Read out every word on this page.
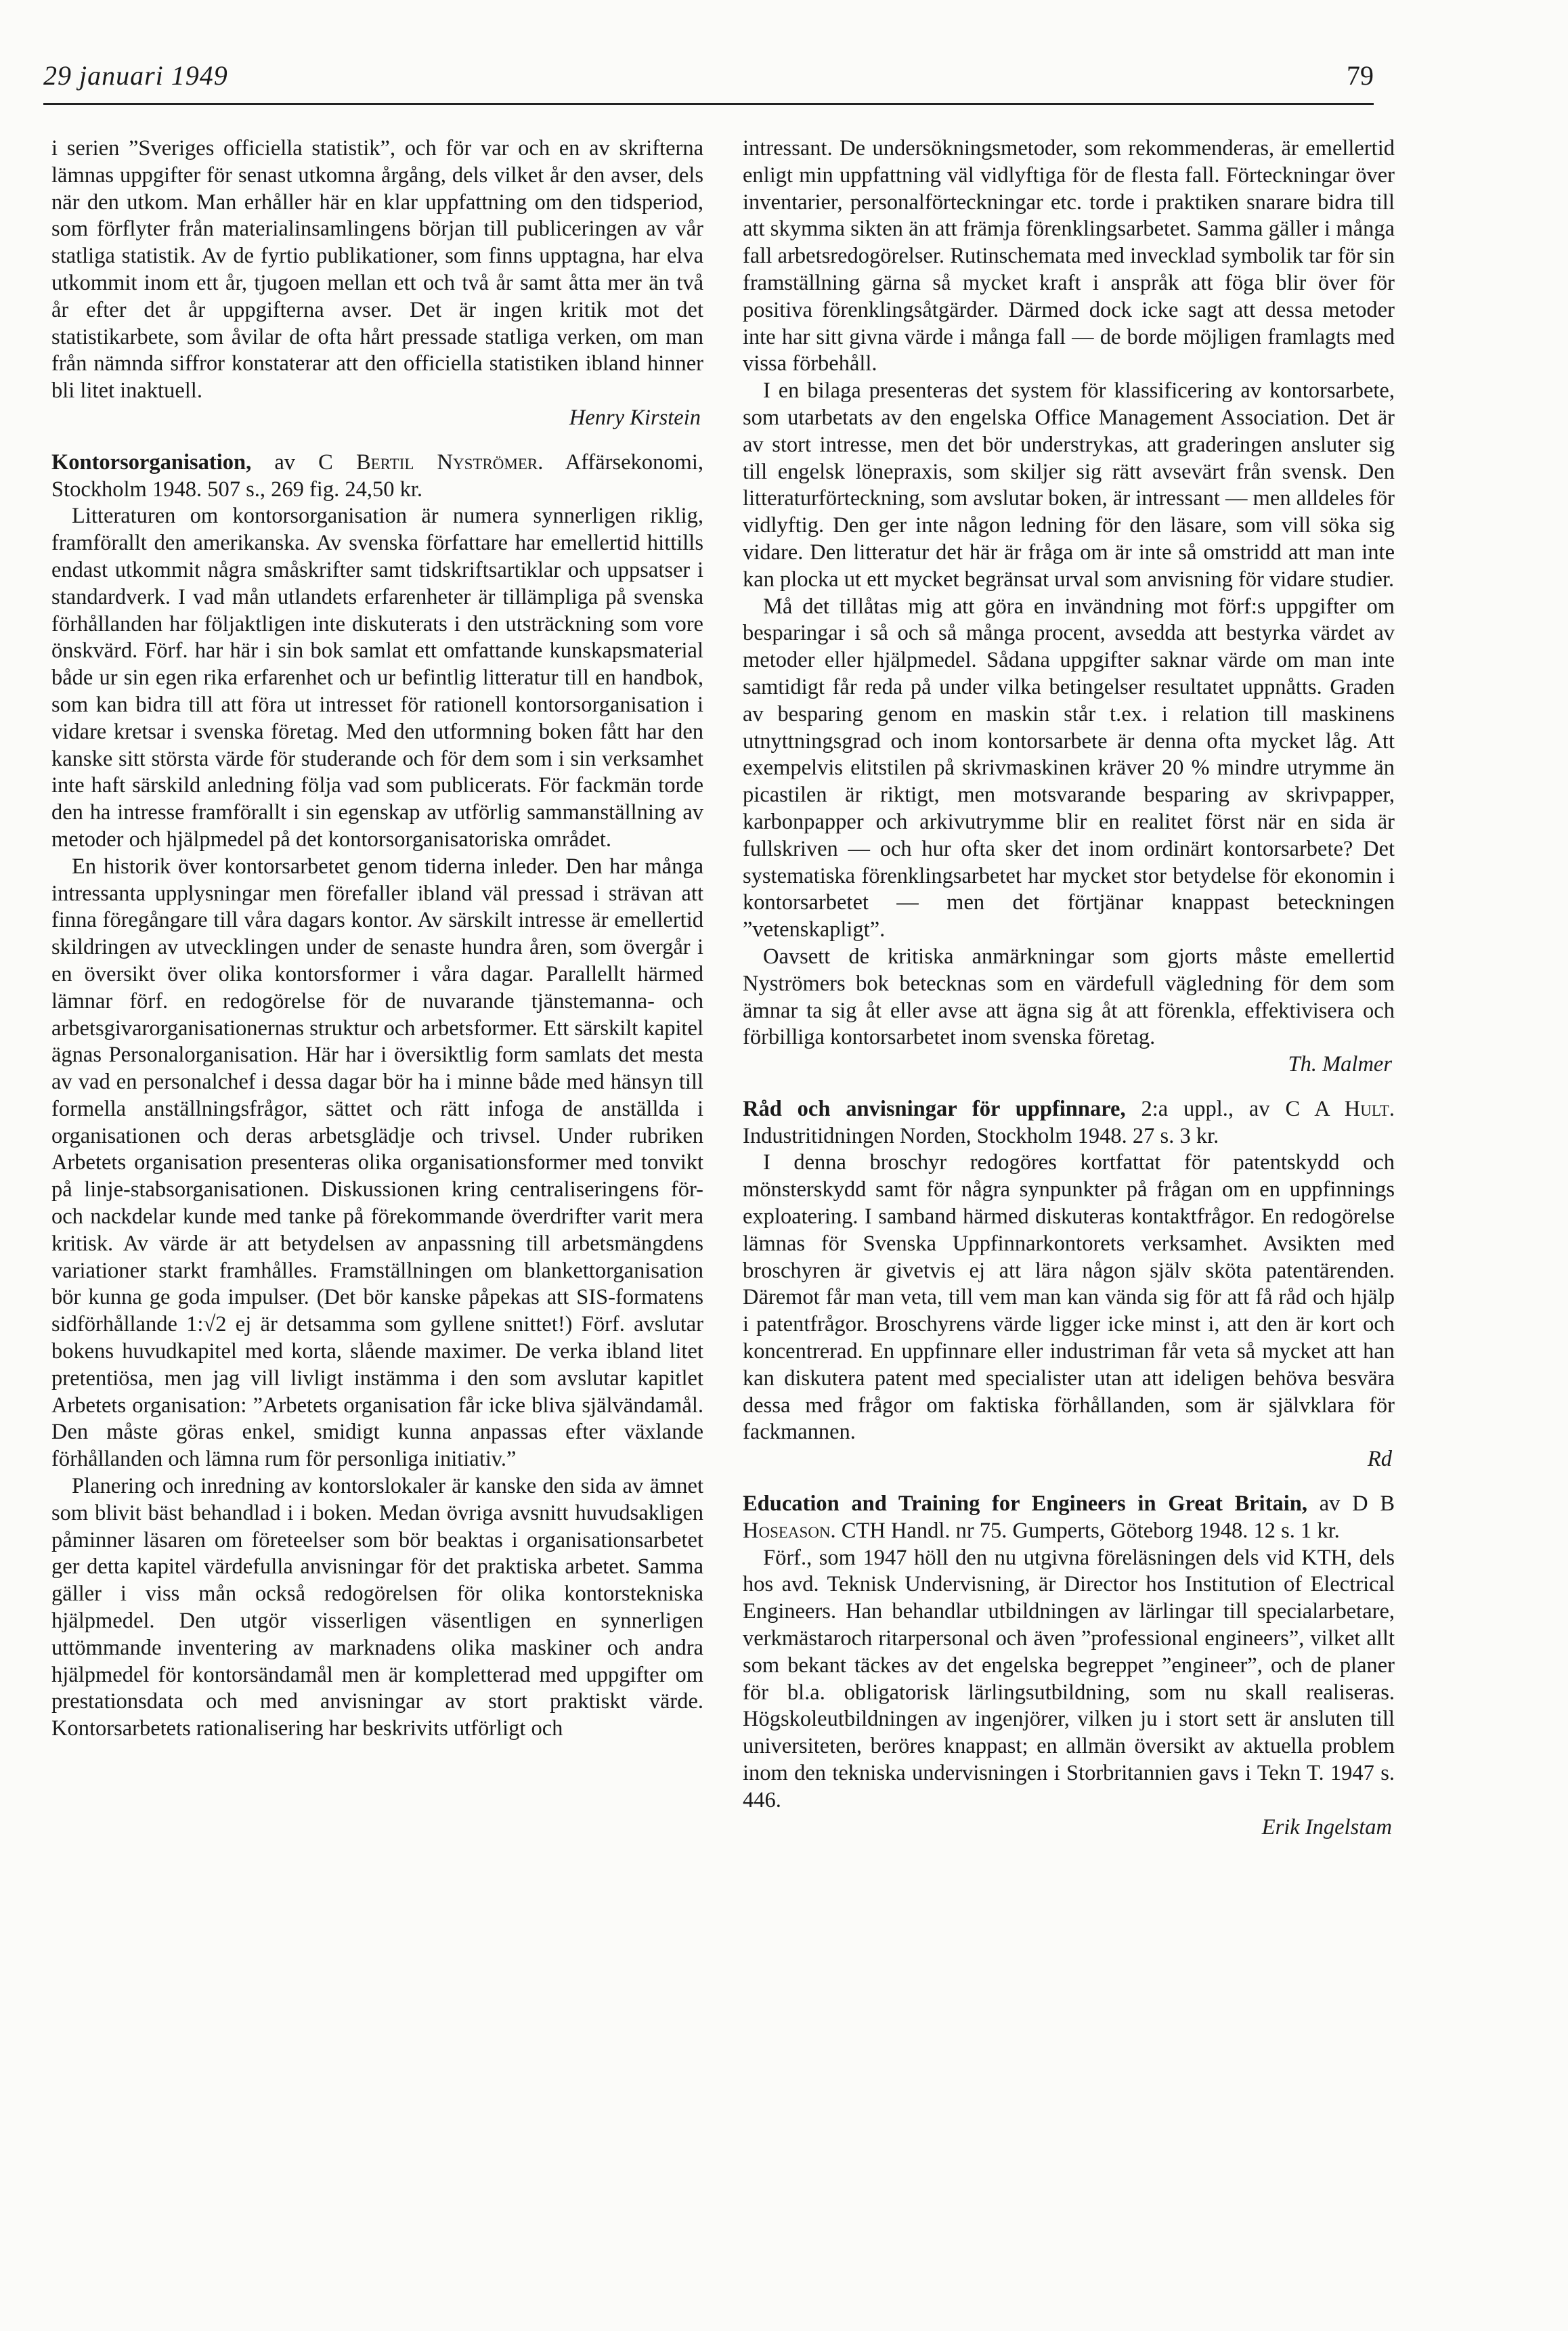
29 januari 1949	79

i serien ”Sveriges officiella statistik”, och för var och en av skrifterna lämnas uppgifter för senast utkomna årgång, dels vilket år den avser, dels när den utkom. Man erhåller här en klar uppfattning om den tidsperiod, som förflyter från materialinsamlingens början till publiceringen av vår statliga statistik. Av de fyrtio publikationer, som finns upptagna, har elva utkommit inom ett år, tjugoen mellan ett och två år samt åtta mer än två år efter det år uppgifterna avser. Det är ingen kritik mot det statistikarbete, som åvilar de ofta hårt pressade statliga verken, om man från nämnda siffror konstaterar att den officiella statistiken ibland hinner bli litet inaktuell.

Henry Kirstein

Kontorsorganisation, av C Bertil Nyströmer. Affärsekonomi, Stockholm 1948. 507 s., 269 fig. 24,50 kr.

Litteraturen om kontorsorganisation är numera synnerligen riklig, framförallt den amerikanska. Av svenska författare har emellertid hittills endast utkommit några småskrifter samt tidskriftsartiklar och uppsatser i standardverk. I vad mån utlandets erfarenheter är tillämpliga på svenska förhållanden har följaktligen inte diskuterats i den utsträckning som vore önskvärd. Förf. har här i sin bok samlat ett omfattande kunskapsmaterial både ur sin egen rika erfarenhet och ur befintlig litteratur till en handbok, som kan bidra till att föra ut intresset för rationell kontorsorganisation i vidare kretsar i svenska företag. Med den utformning boken fått har den kanske sitt största värde för studerande och för dem som i sin verksamhet inte haft särskild anledning följa vad som publicerats. För fackmän torde den ha intresse framförallt i sin egenskap av utförlig sammanställning av metoder och hjälpmedel på det kontorsorganisatoriska området.

En historik över kontorsarbetet genom tiderna inleder. Den har många intressanta upplysningar men förefaller ibland väl pressad i strävan att finna föregångare till våra dagars kontor. Av särskilt intresse är emellertid skildringen av utvecklingen under de senaste hundra åren, som övergår i en översikt över olika kontorsformer i våra dagar. Parallellt härmed lämnar förf. en redogörelse för de nuvarande tjänstemanna- och arbetsgivarorganisationernas struktur och arbetsformer. Ett särskilt kapitel ägnas Personalorganisation. Här har i översiktlig form samlats det mesta av vad en personalchef i dessa dagar bör ha i minne både med hänsyn till formella anställningsfrågor, sättet och rätt infoga de anställda i organisationen och deras arbetsglädje och trivsel. Under rubriken Arbetets organisation presenteras olika organisationsformer med tonvikt på linje-stabsorganisationen. Diskussionen kring centraliseringens för- och nackdelar kunde med tanke på förekommande överdrifter varit mera kritisk. Av värde är att betydelsen av anpassning till arbetsmängdens variationer starkt framhålles. Framställningen om blankettorganisation bör kunna ge goda impulser. (Det bör kanske påpekas att SIS-formatens sidförhållande 1:√2 ej är detsamma som gyllene snittet!) Förf. avslutar bokens huvudkapitel med korta, slående maximer. De verka ibland litet pretentiösa, men jag vill livligt instämma i den som avslutar kapitlet Arbetets organisation: ”Arbetets organisation får icke bliva självändamål. Den måste göras enkel, smidigt kunna anpassas efter växlande förhållanden och lämna rum för personliga initiativ.”

Planering och inredning av kontorslokaler är kanske den sida av ämnet som blivit bäst behandlad i i boken. Medan övriga avsnitt huvudsakligen påminner läsaren om företeelser som bör beaktas i organisationsarbetet ger detta kapitel värdefulla anvisningar för det praktiska arbetet. Samma gäller i viss mån också redogörelsen för olika kontorstekniska hjälpmedel. Den utgör visserligen väsentligen en synnerligen uttömmande inventering av marknadens olika maskiner och andra hjälpmedel för kontorsändamål men är kompletterad med uppgifter om prestationsdata och med anvisningar av stort praktiskt värde. Kontorsarbetets rationalisering har beskrivits utförligt och

intressant. De undersökningsmetoder, som rekommenderas, är emellertid enligt min uppfattning väl vidlyftiga för de flesta fall. Förteckningar över inventarier, personalförteckningar etc. torde i praktiken snarare bidra till att skymma sikten än att främja förenklingsarbetet. Samma gäller i många fall arbetsredogörelser. Rutinschemata med invecklad symbolik tar för sin framställning gärna så mycket kraft i anspråk att föga blir över för positiva förenklingsåtgärder. Därmed dock icke sagt att dessa metoder inte har sitt givna värde i många fall — de borde möjligen framlagts med vissa förbehåll.

I en bilaga presenteras det system för klassificering av kontorsarbete, som utarbetats av den engelska Office Management Association. Det är av stort intresse, men det bör understrykas, att graderingen ansluter sig till engelsk lönepraxis, som skiljer sig rätt avsevärt från svensk. Den litteraturförteckning, som avslutar boken, är intressant — men alldeles för vidlyftig. Den ger inte någon ledning för den läsare, som vill söka sig vidare. Den litteratur det här är fråga om är inte så omstridd att man inte kan plocka ut ett mycket begränsat urval som anvisning för vidare studier.

Må det tillåtas mig att göra en invändning mot förf:s uppgifter om besparingar i så och så många procent, avsedda att bestyrka värdet av metoder eller hjälpmedel. Sådana uppgifter saknar värde om man inte samtidigt får reda på under vilka betingelser resultatet uppnåtts. Graden av besparing genom en maskin står t.ex. i relation till maskinens utnyttningsgrad och inom kontorsarbete är denna ofta mycket låg. Att exempelvis elitstilen på skrivmaskinen kräver 20 % mindre utrymme än picastilen är riktigt, men motsvarande besparing av skrivpapper, karbonpapper och arkivutrymme blir en realitet först när en sida är fullskriven — och hur ofta sker det inom ordinärt kontorsarbete? Det systematiska förenklingsarbetet har mycket stor betydelse för ekonomin i kontorsarbetet — men det förtjänar knappast beteckningen ”vetenskapligt”.

Oavsett de kritiska anmärkningar som gjorts måste emellertid Nyströmers bok betecknas som en värdefull vägledning för dem som ämnar ta sig åt eller avse att ägna sig åt att förenkla, effektivisera och förbilliga kontorsarbetet inom svenska företag.

Th. Malmer

Råd och anvisningar för uppfinnare, 2:a uppl., av C A Hult. Industritidningen Norden, Stockholm 1948. 27 s. 3 kr.

I denna broschyr redogöres kortfattat för patentskydd och mönsterskydd samt för några synpunkter på frågan om en uppfinnings exploatering. I samband härmed diskuteras kontaktfrågor. En redogörelse lämnas för Svenska Uppfinnarkontorets verksamhet. Avsikten med broschyren är givetvis ej att lära någon själv sköta patentärenden. Däremot får man veta, till vem man kan vända sig för att få råd och hjälp i patentfrågor. Broschyrens värde ligger icke minst i, att den är kort och koncentrerad. En uppfinnare eller industriman får veta så mycket att han kan diskutera patent med specialister utan att ideligen behöva besvära dessa med frågor om faktiska förhållanden, som är självklara för fackmannen.

Rd

Education and Training for Engineers in Great Britain, av D B Hoseason. CTH Handl. nr 75. Gumperts, Göteborg 1948. 12 s. 1 kr.

Förf., som 1947 höll den nu utgivna föreläsningen dels vid KTH, dels hos avd. Teknisk Undervisning, är Director hos Institution of Electrical Engineers. Han behandlar utbildningen av lärlingar till specialarbetare, verkmästaroch ritarpersonal och även ”professional engineers”, vilket allt som bekant täckes av det engelska begreppet ”engineer”, och de planer för bl.a. obligatorisk lärlingsutbildning, som nu skall realiseras. Högskoleutbildningen av ingenjörer, vilken ju i stort sett är ansluten till universiteten, beröres knappast; en allmän översikt av aktuella problem inom den tekniska undervisningen i Storbritannien gavs i Tekn T. 1947 s. 446.

Erik Ingelstam
